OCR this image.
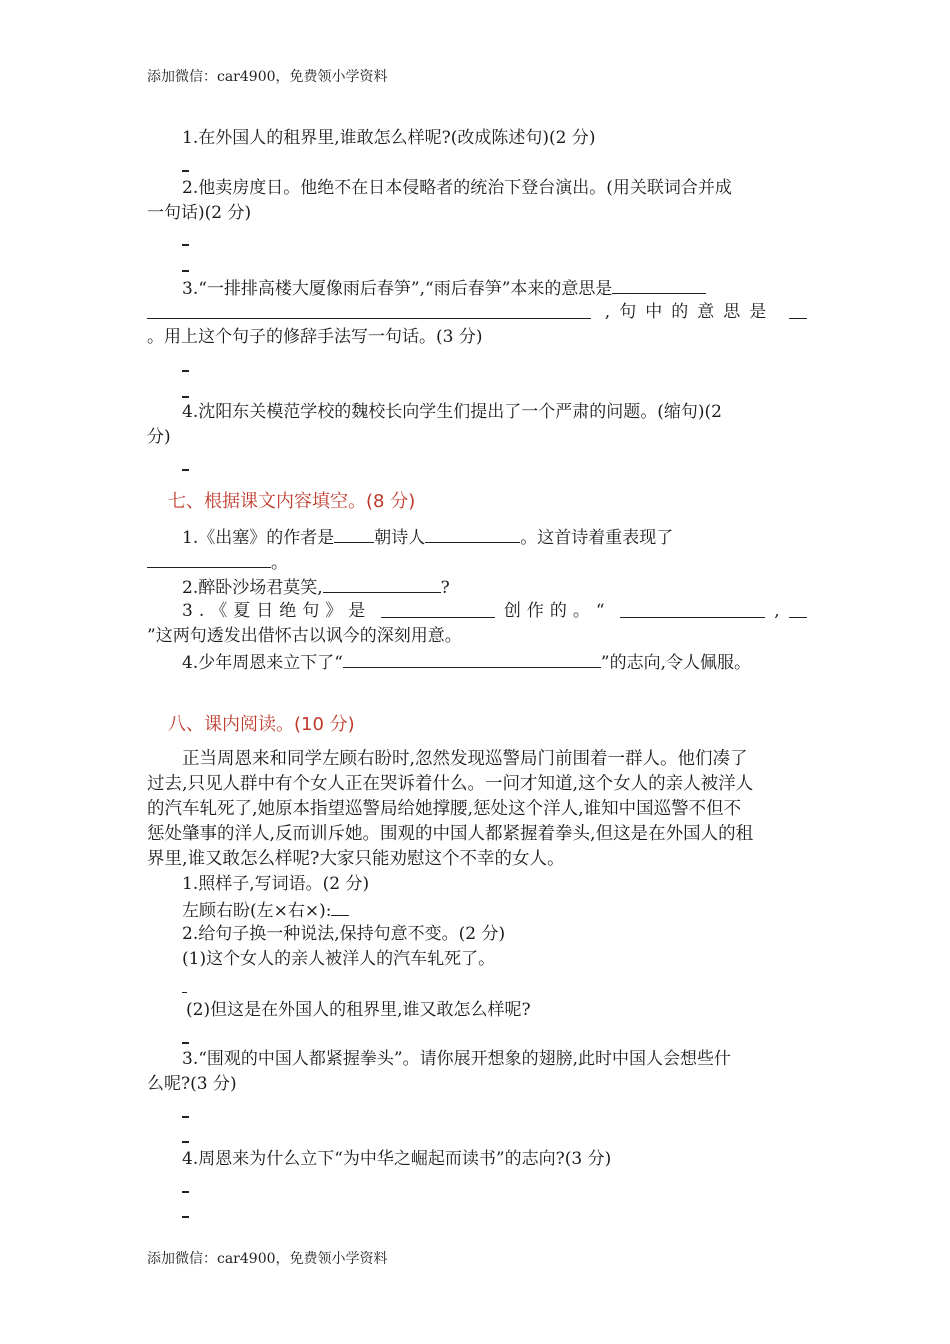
添加微信：car4900，免费领小学资料
1.在外国人的租界里,谁敢怎么样呢?(改成陈述句)(2 分)
2.他卖房度日。他绝不在日本侵略者的统治下登台演出。(用关联词合并成
一句话)(2 分)
3.“一排排高楼大厦像雨后春笋”,“雨后春笋”本来的意思是
,句中的意思是
。用上这个句子的修辞手法写一句话。(3 分)
4.沈阳东关模范学校的魏校长向学生们提出了一个严肃的问题。(缩句)(2
分)
七、根据课文内容填空。(8 分)
1.《出塞》的作者是 朝诗人	。这首诗着重表现了
。
2.醉卧沙场君莫笑,	?
3.《夏日绝句》是	创作的。“	,
”这两句透发出借怀古以讽今的深刻用意。
4.少年周恩来立下了“	”的志向,令人佩服。
八、课内阅读。(10 分)
正当周恩来和同学左顾右盼时,忽然发现巡警局门前围着一群人。他们凑了
过去,只见人群中有个女人正在哭诉着什么。一问才知道,这个女人的亲人被洋人
的汽车轧死了,她原本指望巡警局给她撑腰,惩处这个洋人,谁知中国巡警不但不
惩处肇事的洋人,反而训斥她。围观的中国人都紧握着拳头,但这是在外国人的租
界里,谁又敢怎么样呢?大家只能劝慰这个不幸的女人。
1.照样子,写词语。(2 分)
左顾右盼(左×右×):
2.给句子换一种说法,保持句意不变。(2 分)
(1)这个女人的亲人被洋人的汽车轧死了。
(2)但这是在外国人的租界里,谁又敢怎么样呢?
3.“围观的中国人都紧握拳头”。请你展开想象的翅膀,此时中国人会想些什
么呢?(3 分)
4.周恩来为什么立下“为中华之崛起而读书”的志向?(3 分)
添加微信：car4900，免费领小学资料
